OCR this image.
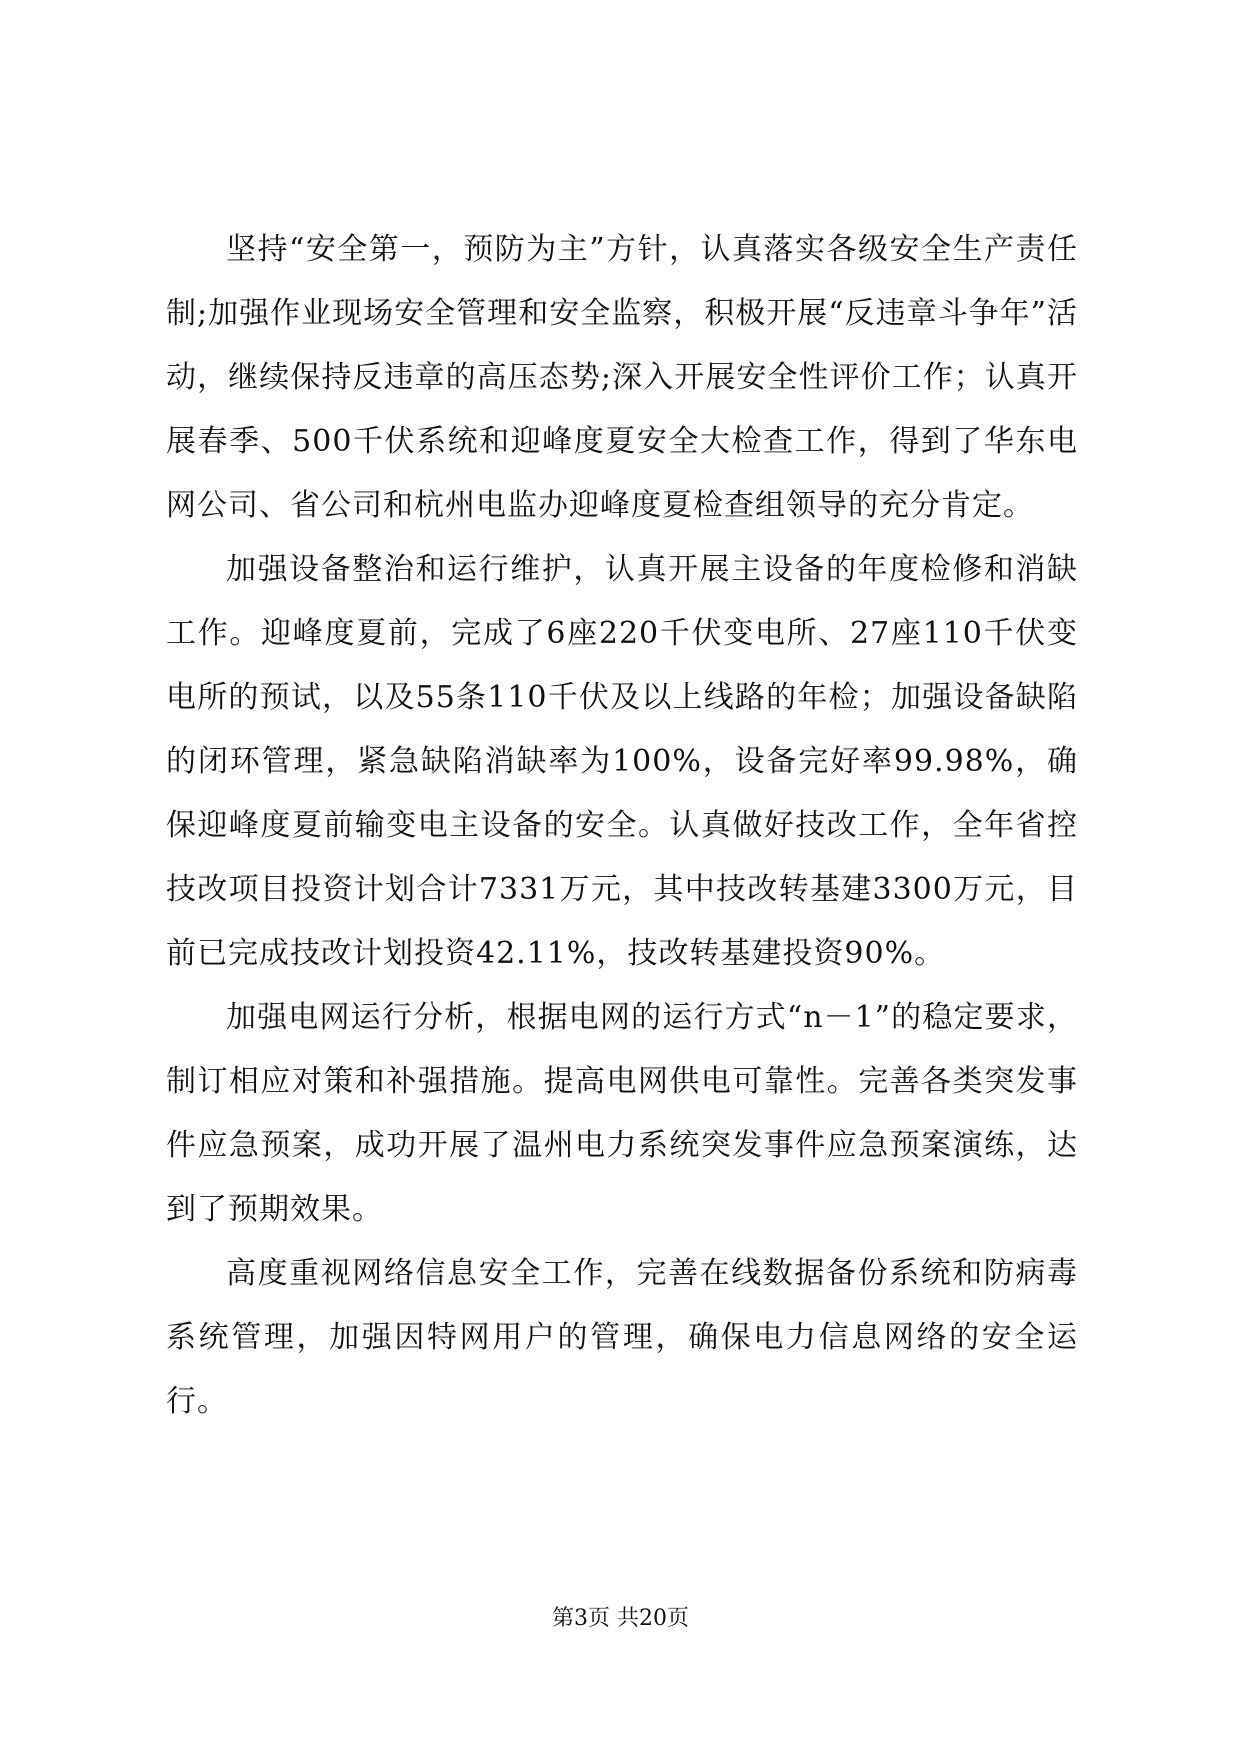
坚持“安全第一，预防为主”方针，认真落实各级安全生产责任制;加强作业现场安全管理和安全监察，积极开展“反违章斗争年”活动，继续保持反违章的高压态势;深入开展安全性评价工作；认真开展春季、500千伏系统和迎峰度夏安全大检查工作，得到了华东电网公司、省公司和杭州电监办迎峰度夏检查组领导的充分肯定。

加强设备整治和运行维护，认真开展主设备的年度检修和消缺工作。迎峰度夏前，完成了6座220千伏变电所、27座110千伏变电所的预试，以及55条110千伏及以上线路的年检；加强设备缺陷的闭环管理，紧急缺陷消缺率为100%，设备完好率99.98%，确保迎峰度夏前输变电主设备的安全。认真做好技改工作，全年省控技改项目投资计划合计7331万元，其中技改转基建3300万元，目前已完成技改计划投资42.11%，技改转基建投资90%。

加强电网运行分析，根据电网的运行方式“n－1”的稳定要求，制订相应对策和补强措施。提高电网供电可靠性。完善各类突发事件应急预案，成功开展了温州电力系统突发事件应急预案演练，达到了预期效果。

高度重视网络信息安全工作，完善在线数据备份系统和防病毒系统管理，加强因特网用户的管理，确保电力信息网络的安全运行。

第3页 共20页
